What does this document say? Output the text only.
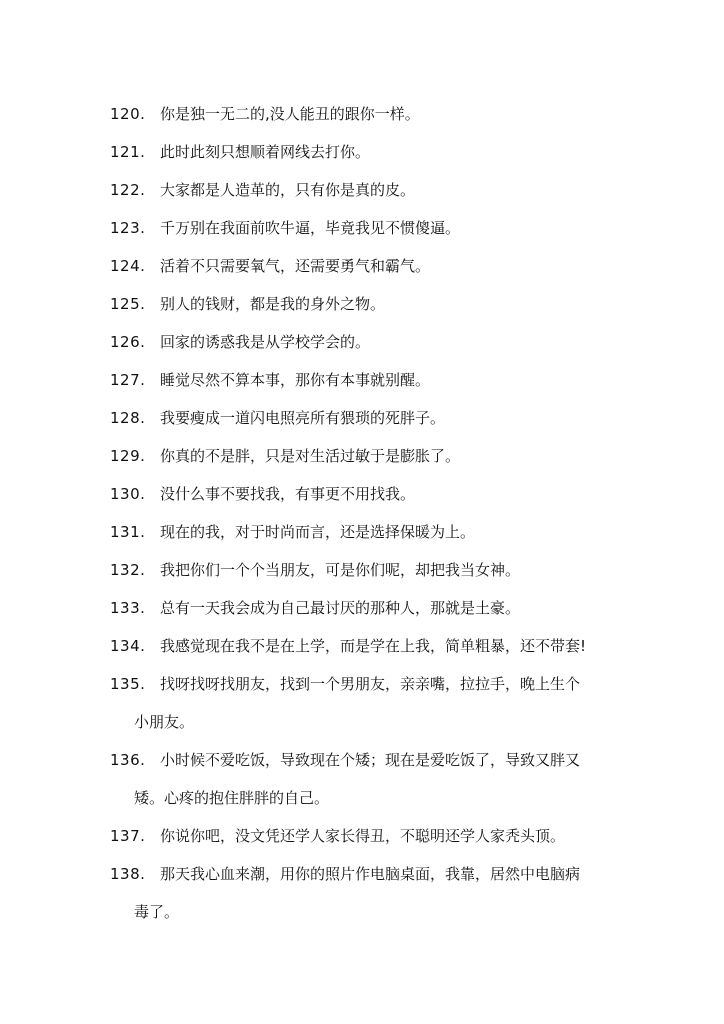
120. 你是独一无二的,没人能丑的跟你一样。
121. 此时此刻只想顺着网线去打你。
122. 大家都是人造革的，只有你是真的皮。
123. 千万别在我面前吹牛逼，毕竟我见不惯傻逼。
124. 活着不只需要氧气，还需要勇气和霸气。
125. 别人的钱财，都是我的身外之物。
126. 回家的诱惑我是从学校学会的。
127. 睡觉尽然不算本事，那你有本事就别醒。
128. 我要瘦成一道闪电照亮所有猥琐的死胖子。
129. 你真的不是胖，只是对生活过敏于是膨胀了。
130. 没什么事不要找我，有事更不用找我。
131. 现在的我，对于时尚而言，还是选择保暖为上。
132. 我把你们一个个当朋友，可是你们呢，却把我当女神。
133. 总有一天我会成为自己最讨厌的那种人，那就是土豪。
134. 我感觉现在我不是在上学，而是学在上我，简单粗暴，还不带套!
135. 找呀找呀找朋友，找到一个男朋友，亲亲嘴，拉拉手，晚上生个
小朋友。
136. 小时候不爱吃饭，导致现在个矮；现在是爱吃饭了，导致又胖又
矮。心疼的抱住胖胖的自己。
137. 你说你吧，没文凭还学人家长得丑，不聪明还学人家秃头顶。
138. 那天我心血来潮，用你的照片作电脑桌面，我靠，居然中电脑病
毒了。
